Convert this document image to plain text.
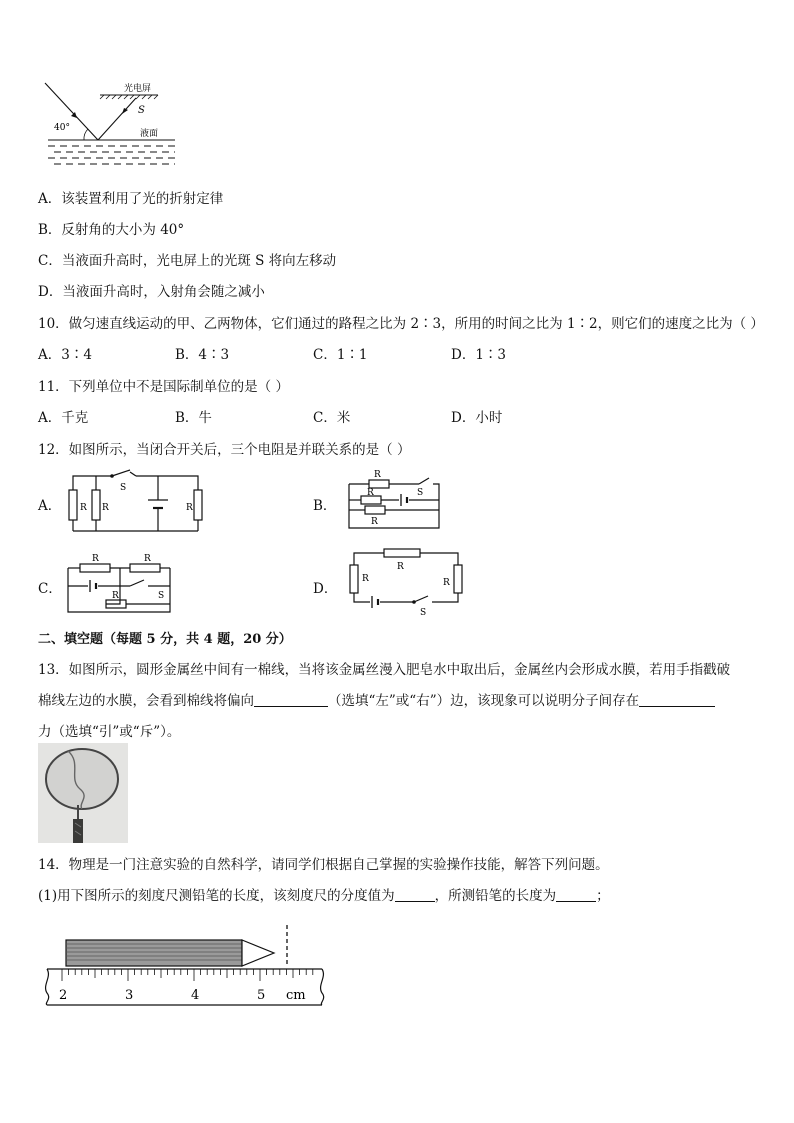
光电屏
S
40°
液面
A．该装置利用了光的折射定律
B．反射角的大小为 40°
C．当液面升高时，光电屏上的光斑 S 将向左移动
D．当液面升高时，入射角会随之减小
10．做匀速直线运动的甲、乙两物体，它们通过的路程之比为 2∶3，所用的时间之比为 1∶2，则它们的速度之比为（ ）
A．3∶4	B．4∶3	C．1∶1	D．1∶3
11．下列单位中不是国际制单位的是（ ）
A．千克	B．牛	C．米	D．小时
12．如图所示，当闭合开关后，三个电阻是并联关系的是（ ）
A． R R	R
S
B．
R
R
R
S
C．
R	R
R	S	D．
R
R	R
S
二、填空题（每题 5 分，共 4 题，20 分）
13．如图所示，圆形金属丝中间有一棉线，当将该金属丝漫入肥皂水中取出后，金属丝内会形成水膜，若用手指戳破
棉线左边的水膜，会看到棉线将偏向	（选填“左”或“右”）边，该现象可以说明分子间存在
力（选填“引”或“斥”）。
14．物理是一门注意实验的自然科学，请同学们根据自己掌握的实验操作技能，解答下列问题。
(1)用下图所示的刻度尺测铅笔的长度，该刻度尺的分度值为	，所测铅笔的长度为	；
2	3	4	5 cm
